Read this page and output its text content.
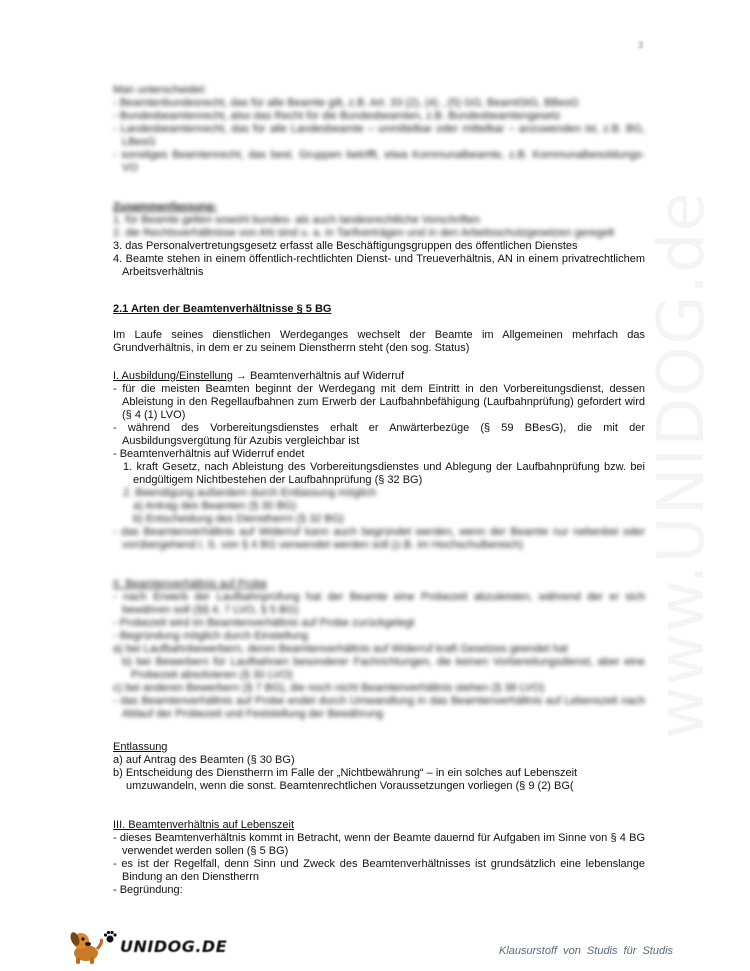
3
www.UNIDOG.de

Man unterscheidet:

- Beamtenbundesrecht, das für alle Beamte gilt, z.B. Art. 33 (2), (4) , (5) GG, BeamtStG, BBesG

- Bundesbeamtenrecht, also das Recht für die Bundesbeamten, z.B. Bundesbeamtengesetz

- Landesbeamtenrecht, das für alle Landesbeamte – unmittelbar oder mittelbar – anzuwenden ist, z.B. BG, LBesG

- sonstiges Beamtenrecht, das best. Gruppen betrifft, etwa Kommunalbeamte, z.B. Kommunalbesoldungs-VO

Zusammenfassung:

1. für Beamte gelten sowohl bundes- als auch landesrechtliche Vorschriften

2. die Rechtsverhältnisse von AN sind u. a. in Tarifverträgen und in den Arbeitsschutzgesetzen geregelt

3. das Personalvertretungsgesetz erfasst alle Beschäftigungsgruppen des öffentlichen Dienstes

4. Beamte stehen in einem öffentlich-rechtlichten Dienst- und Treueverhältnis, AN in einem privatrechtlichem Arbeitsverhältnis

2.1 Arten der Beamtenverhältnisse § 5 BG

Im Laufe seines dienstlichen Werdeganges wechselt der Beamte im Allgemeinen mehrfach das Grundverhältnis, in dem er zu seinem Dienstherrn steht (den sog. Status)

I. Ausbildung/Einstellung → Beamtenverhältnis auf Widerruf

- für die meisten Beamten beginnt der Werdegang mit dem Eintritt in den Vorbereitungsdienst, dessen Ableistung in den Regellaufbahnen zum Erwerb der Laufbahnbefähigung (Laufbahnprüfung) gefordert wird (§ 4 (1) LVO)

- während des Vorbereitungsdienstes erhalt er Anwärterbezüge (§ 59 BBesG), die mit der Ausbildungsvergütung für Azubis vergleichbar ist

- Beamtenverhältnis auf Widerruf endet

1. kraft Gesetz, nach Ableistung des Vorbereitungsdienstes und Ablegung der Laufbahnprüfung bzw. bei endgültigem Nichtbestehen der Laufbahnprüfung (§ 32 BG)

2. Beendigung außerdem durch Entlassung möglich

a) Antrag des Beamten (§ 30 BG)

b) Entscheidung des Dienstherrn (§ 32 BG)

- das Beamtenverhältnis auf Widerruf kann auch begründet werden, wenn der Beamte nur nebenbei oder vorübergehend i. S. von § 4 BG verwendet werden soll (z.B. im Hochschulbereich)

II. Beamtenverhältnis auf Probe

- nach Erwerb der Laufbahnprüfung hat der Beamte eine Probezeit abzuleisten, während der er sich bewähren soll (§§ 4, 7 LVO, § 5 BG)

- Probezeit wird im Beamtenverhältnis auf Probe zurückgelegt

- Begründung möglich durch Einstellung

a) bei Laufbahnbewerbern, deren Beamtenverhältnis auf Widerruf kraft Gesetzes geendet hat

b) bei Bewerbern für Laufbahnen besonderer Fachrichtungen, die keinen Vorbereitungsdienst, aber eine Probezeit absolvieren (§ 30 LVO)

c) bei anderen Bewerbern (§ 7 BG), die noch nicht Beamtenverhältnis stehen (§ 38 LVO)

- das Beamtenverhältnis auf Probe endet durch Umwandlung in das Beamtenverhältnis auf Lebenszeit nach Ablauf der Probezeit und Feststellung der Bewährung

Entlassung

a) auf Antrag des Beamten (§ 30 BG)

b) Entscheidung des Dienstherrn im Falle der „Nichtbewährung“ – in ein solches auf Lebenszeit umzuwandeln, wenn die sonst. Beamtenrechtlichen Voraussetzungen vorliegen (§ 9 (2) BG(

III. Beamtenverhältnis auf Lebenszeit

- dieses Beamtenverhältnis kommt in Betracht, wenn der Beamte dauernd für Aufgaben im Sinne von § 4 BG verwendet werden sollen (§ 5 BG)

- es ist der Regelfall, denn Sinn und Zweck des Beamtenverhältnisses ist grundsätzlich eine lebenslange Bindung an den Dienstherrn

- Begründung:

UNIDOG.DE	Klausurstoff von Studis für Studis
